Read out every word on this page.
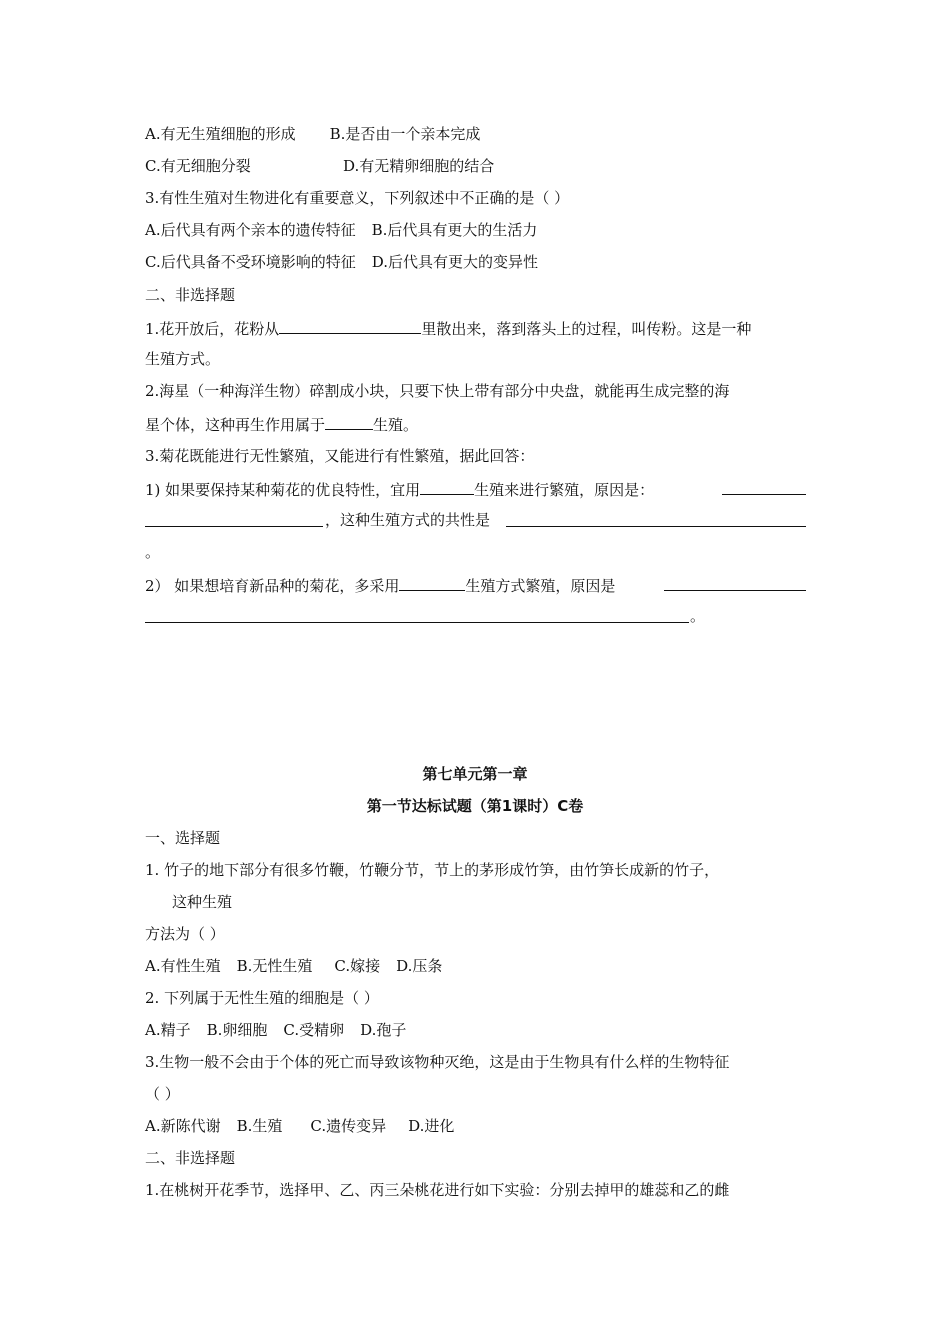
A.有无生殖细胞的形成 B.是否由一个亲本完成
C.有无细胞分裂	D.有无精卵细胞的结合
3.有性生殖对生物进化有重要意义，下列叙述中不正确的是（ ）
A.后代具有两个亲本的遗传特征 B.后代具有更大的生活力
C.后代具备不受环境影响的特征 D.后代具有更大的变异性
二、非选择题
1.花开放后，花粉从	里散出来，落到落头上的过程，叫传粉。这是一种
生殖方式。
2.海星（一种海洋生物）碎割成小块，只要下快上带有部分中央盘，就能再生成完整的海
星个体，这种再生作用属于	生殖。
3.菊花既能进行无性繁殖，又能进行有性繁殖，据此回答：
1) 如果要保持某种菊花的优良特性，宜用	生殖来进行繁殖，原因是：
，这种生殖方式的共性是
。
2） 如果想培育新品种的菊花，多采用	生殖方式繁殖，原因是
。
第七单元第一章
第一节达标试题（第1课时）C卷
一、选择题
1. 竹子的地下部分有很多竹鞭，竹鞭分节，节上的茅形成竹笋，由竹笋长成新的竹子，
这种生殖
方法为（ ）
A.有性生殖 B.无性生殖 C.嫁接 D.压条
2. 下列属于无性生殖的细胞是（ ）
A.精子 B.卵细胞 C.受精卵 D.孢子
3.生物一般不会由于个体的死亡而导致该物种灭绝，这是由于生物具有什么样的生物特征
（ ）
A.新陈代谢 B.生殖 C.遗传变异 D.进化
二、非选择题
1.在桃树开花季节，选择甲、乙、丙三朵桃花进行如下实验：分别去掉甲的雄蕊和乙的雌
